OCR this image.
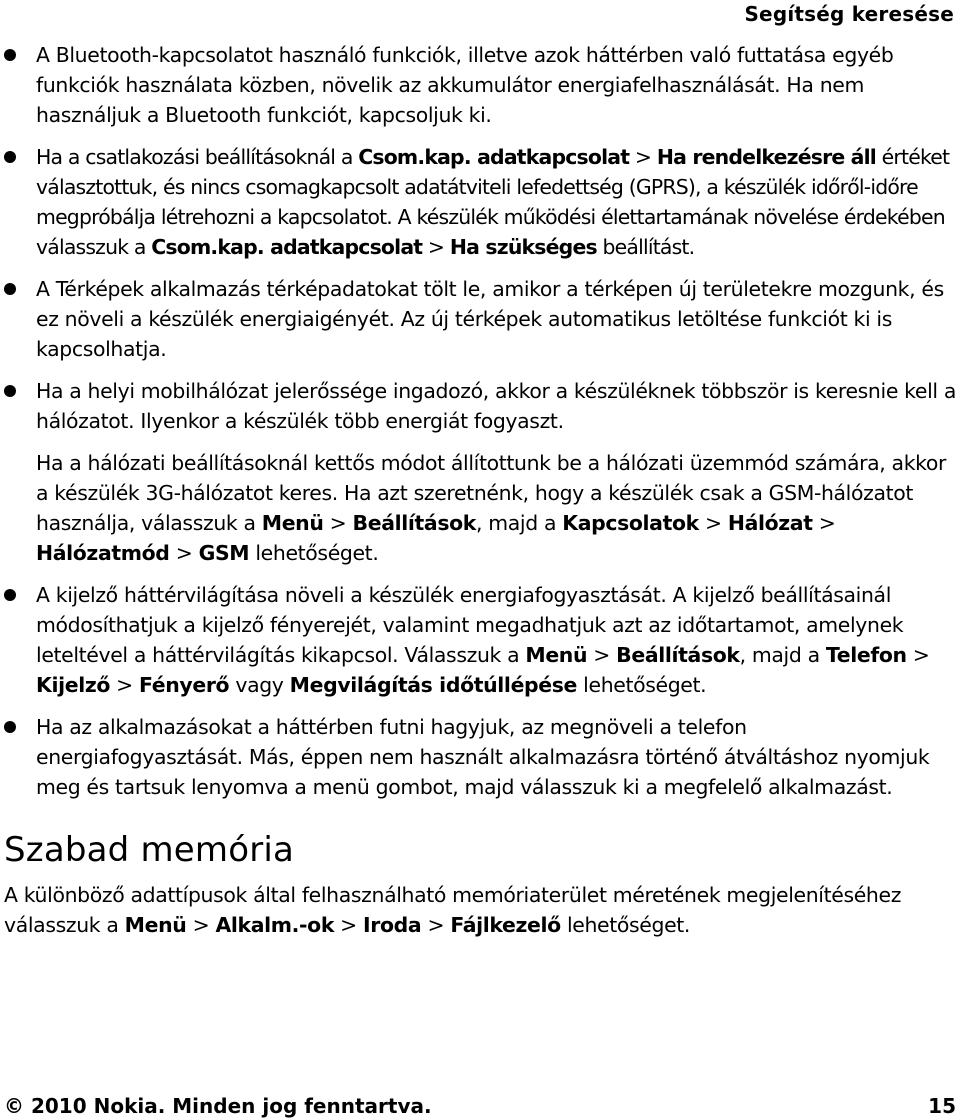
Segítség keresése
A Bluetooth-kapcsolatot használó funkciók, illetve azok háttérben való futtatása egyéb funkciók használata közben, növelik az akkumulátor energiafelhasználását. Ha nem használjuk a Bluetooth funkciót, kapcsoljuk ki.
Ha a csatlakozási beállításoknál a Csom.kap. adatkapcsolat > Ha rendelkezésre áll értéket választottuk, és nincs csomagkapcsolt adatátviteli lefedettség (GPRS), a készülék időről-időre megpróbálja létrehozni a kapcsolatot. A készülék működési élettartamának növelése érdekében válasszuk a Csom.kap. adatkapcsolat > Ha szükséges beállítást.
A Térképek alkalmazás térképadatokat tölt le, amikor a térképen új területekre mozgunk, és ez növeli a készülék energiaigényét. Az új térképek automatikus letöltése funkciót ki is kapcsolhatja.
Ha a helyi mobilhálózat jelerőssége ingadozó, akkor a készüléknek többször is keresnie kell a hálózatot. Ilyenkor a készülék több energiát fogyaszt.
Ha a hálózati beállításoknál kettős módot állítottunk be a hálózati üzemmód számára, akkor a készülék 3G-hálózatot keres. Ha azt szeretnénk, hogy a készülék csak a GSM-hálózatot használja, válasszuk a Menü > Beállítások, majd a Kapcsolatok > Hálózat > Hálózatmód > GSM lehetőséget.
A kijelző háttérvilágítása növeli a készülék energiafogyasztását. A kijelző beállításainál módosíthatjuk a kijelző fényerejét, valamint megadhatjuk azt az időtartamot, amelynek leteltével a háttérvilágítás kikapcsol. Válasszuk a Menü > Beállítások, majd a Telefon > Kijelző > Fényerő vagy Megvilágítás időtúllépése lehetőséget.
Ha az alkalmazásokat a háttérben futni hagyjuk, az megnöveli a telefon energiafogyasztását. Más, éppen nem használt alkalmazásra történő átváltáshoz nyomjuk meg és tartsuk lenyomva a menü gombot, majd válasszuk ki a megfelelő alkalmazást.
Szabad memória

A különböző adattípusok által felhasználható memóriaterület méretének megjelenítéséhez válasszuk a Menü > Alkalm.-ok > Iroda > Fájlkezelő lehetőséget.

© 2010 Nokia. Minden jog fenntartva.	15
